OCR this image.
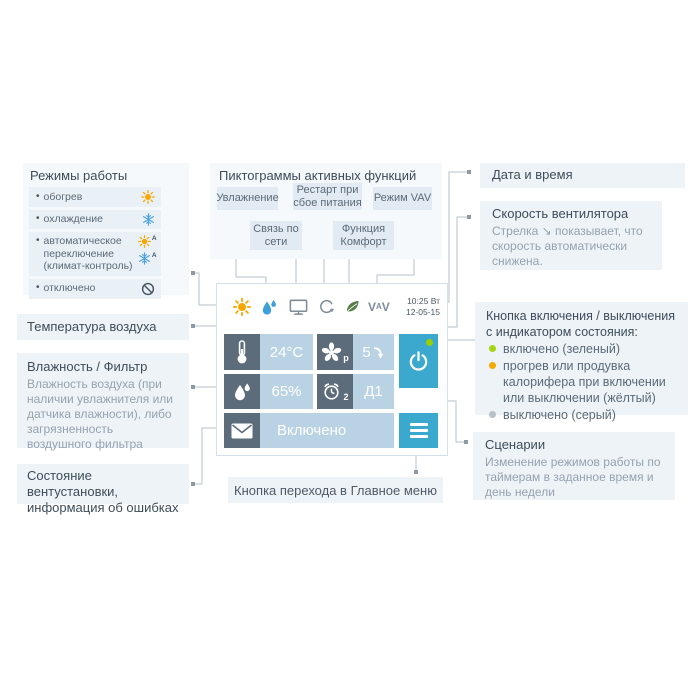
Режимы работы
• обогрев
• охлаждение
• автоматическое переключение (климат-контроль)
A
A
• отключено
Температура воздуха
Влажность / Фильтр

Влажность воздуха (при наличии увлажнителя или датчика влажности), либо загрязненность воздушного фильтра

Состояние вентустановки, информация об ошибках
Пиктограммы активных функций
Увлажнение
Рестарт при сбое питания Режим VAV
Связь по сети
Функция Комфорт
Дата и время
Скорость вентилятора

Стрелка ↘ показывает, что скорость автоматически снижена.

Кнопка включения / выключения
с индикатором состояния:
включено (зеленый)
прогрев или продувка калорифера при включении или выключении (жёлтый)
выключено (серый)
Сценарии

Изменение режимов работы по таймерам в заданное время и день недели

Кнопка перехода в Главное меню
V A V 10:25 Вт
12-05-15
24°C	p 5
65%	2 Д1
Включено
